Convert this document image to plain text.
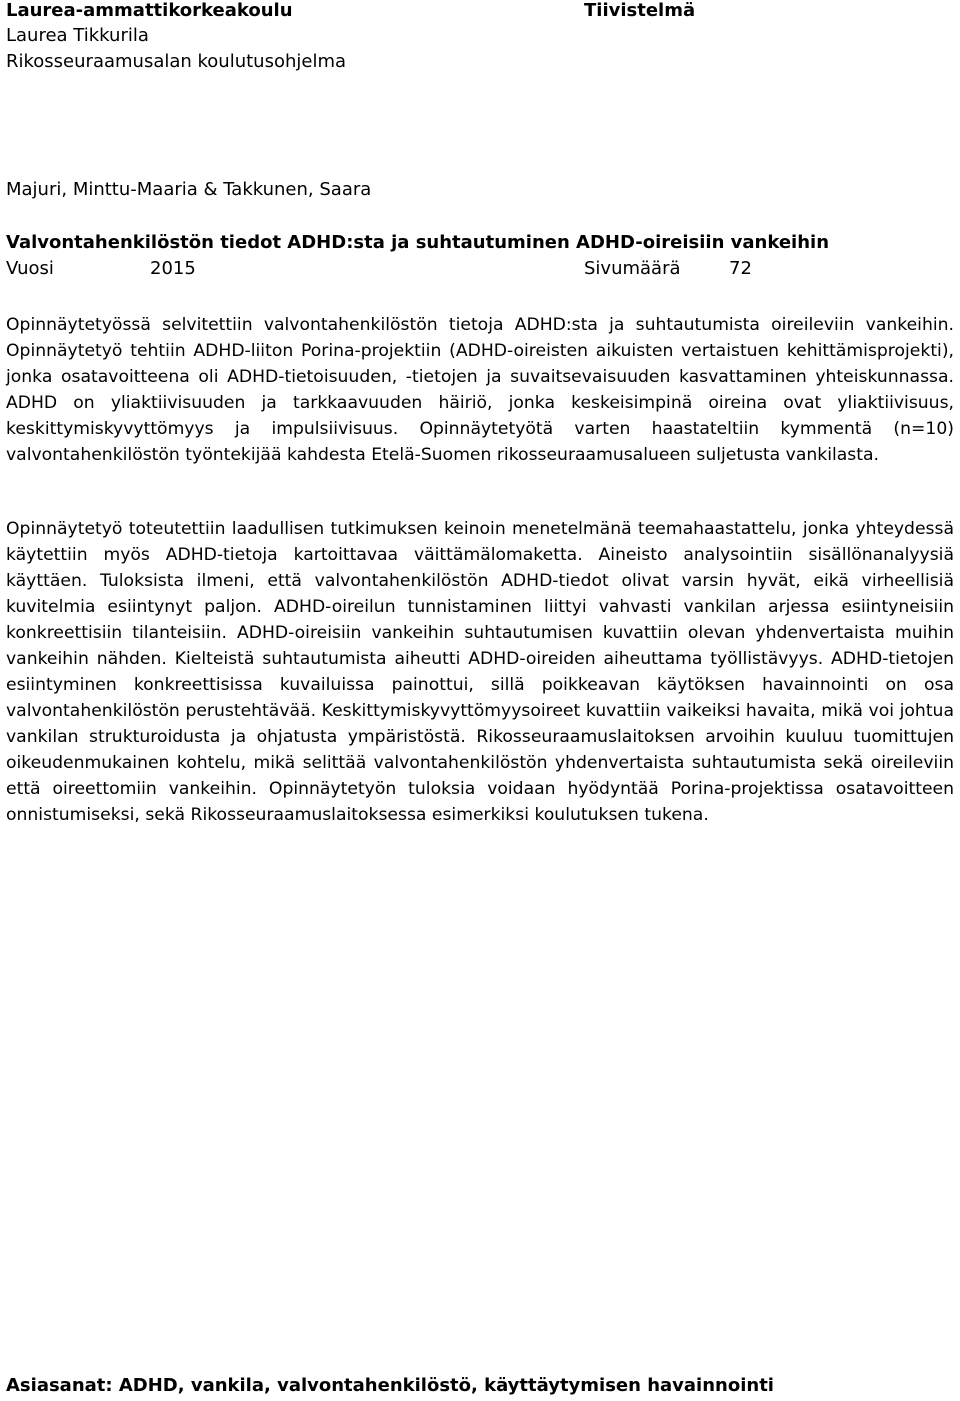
Laurea-ammattikorkeakoulu	Tiivistelmä
Laurea Tikkurila
Rikosseuraamusalan koulutusohjelma
Majuri, Minttu-Maaria & Takkunen, Saara
Valvontahenkilöstön tiedot ADHD:sta ja suhtautuminen ADHD-oireisiin vankeihin
Vuosi	2015	Sivumäärä	72

Opinnäytetyössä selvitettiin valvontahenkilöstön tietoja ADHD:sta ja suhtautumista oireileviin vankeihin. Opinnäytetyö tehtiin ADHD-liiton Porina-projektiin (ADHD-oireisten aikuisten vertaistuen kehittämisprojekti), jonka osatavoitteena oli ADHD-tietoisuuden, -tietojen ja suvaitsevaisuuden kasvattaminen yhteiskunnassa. ADHD on yliaktiivisuuden ja tarkkaavuuden häiriö, jonka keskeisimpinä oireina ovat yliaktiivisuus, keskittymiskyvyttömyys ja impulsiivisuus. Opinnäytetyötä varten haastateltiin kymmentä (n=10) valvontahenkilöstön työntekijää kahdesta Etelä-Suomen rikosseuraamusalueen suljetusta vankilasta.

Opinnäytetyö toteutettiin laadullisen tutkimuksen keinoin menetelmänä teemahaastattelu, jonka yhteydessä käytettiin myös ADHD-tietoja kartoittavaa väittämälomaketta. Aineisto analysointiin sisällönanalyysiä käyttäen. Tuloksista ilmeni, että valvontahenkilöstön ADHD-tiedot olivat varsin hyvät, eikä virheellisiä kuvitelmia esiintynyt paljon. ADHD-oireilun tunnistaminen liittyi vahvasti vankilan arjessa esiintyneisiin konkreettisiin tilanteisiin. ADHD-oireisiin vankeihin suhtautumisen kuvattiin olevan yhdenvertaista muihin vankeihin nähden. Kielteistä suhtautumista aiheutti ADHD-oireiden aiheuttama työllistävyys. ADHD-tietojen esiintyminen konkreettisissa kuvailuissa painottui, sillä poikkeavan käytöksen havainnointi on osa valvontahenkilöstön perustehtävää. Keskittymiskyvyttömyysoireet kuvattiin vaikeiksi havaita, mikä voi johtua vankilan strukturoidusta ja ohjatusta ympäristöstä. Rikosseuraamuslaitoksen arvoihin kuuluu tuomittujen oikeudenmukainen kohtelu, mikä selittää valvontahenkilöstön yhdenvertaista suhtautumista sekä oireileviin että oireettomiin vankeihin. Opinnäytetyön tuloksia voidaan hyödyntää Porina-projektissa osatavoitteen onnistumiseksi, sekä Rikosseuraamuslaitoksessa esimerkiksi koulutuksen tukena.

Asiasanat: ADHD, vankila, valvontahenkilöstö, käyttäytymisen havainnointi
